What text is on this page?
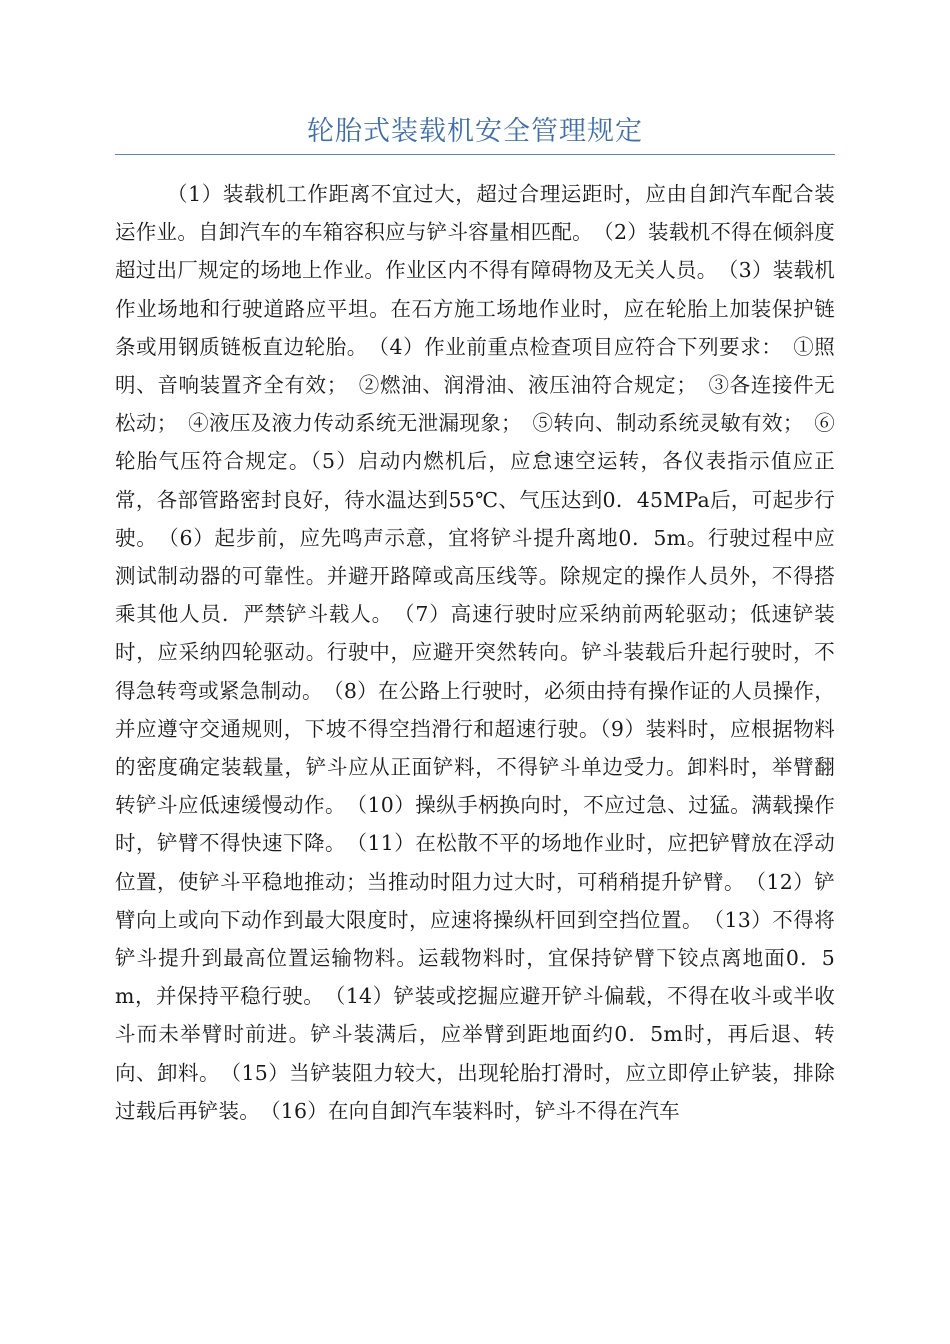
轮胎式装载机安全管理规定

（1）装载机工作距离不宜过大，超过合理运距时，应由自卸汽车配合装运作业。自卸汽车的车箱容积应与铲斗容量相匹配。　（2）装载机不得在倾斜度超过出厂规定的场地上作业。作业区内不得有障碍物及无关人员。　（3）装载机作业场地和行驶道路应平坦。在石方施工场地作业时，应在轮胎上加装保护链条或用钢质链板直边轮胎。　（4）作业前重点检查项目应符合下列要求：　①照明、音响装置齐全有效；　②燃油、润滑油、液压油符合规定；　③各连接件无松动；　④液压及液力传动系统无泄漏现象；　⑤转向、制动系统灵敏有效；　⑥轮胎气压符合规定。（5）启动内燃机后，应怠速空运转，各仪表指示值应正常，各部管路密封良好，待水温达到55℃、气压达到0．45MPa后，可起步行驶。　（6）起步前，应先鸣声示意，宜将铲斗提升离地0．5m。行驶过程中应测试制动器的可靠性。并避开路障或高压线等。除规定的操作人员外，不得搭乘其他人员．严禁铲斗载人。　（7）高速行驶时应采纳前两轮驱动；低速铲装时，应采纳四轮驱动。行驶中，应避开突然转向。铲斗装载后升起行驶时，不得急转弯或紧急制动。　（8）在公路上行驶时，必须由持有操作证的人员操作，并应遵守交通规则，下坡不得空挡滑行和超速行驶。（9）装料时，应根据物料的密度确定装载量，铲斗应从正面铲料，不得铲斗单边受力。卸料时，举臂翻转铲斗应低速缓慢动作。　（10）操纵手柄换向时，不应过急、过猛。满载操作时，铲臂不得快速下降。　（11）在松散不平的场地作业时，应把铲臂放在浮动位置，使铲斗平稳地推动；当推动时阻力过大时，可稍稍提升铲臂。　（12）铲臂向上或向下动作到最大限度时，应速将操纵杆回到空挡位置。　（13）不得将铲斗提升到最高位置运输物料。运载物料时，宜保持铲臂下铰点离地面0．5m，并保持平稳行驶。　（14）铲装或挖掘应避开铲斗偏载，不得在收斗或半收斗而未举臂时前进。铲斗装满后，应举臂到距地面约0．5m时，再后退、转向、卸料。　（15）当铲装阻力较大，出现轮胎打滑时，应立即停止铲装，排除过载后再铲装。　（16）在向自卸汽车装料时，铲斗不得在汽车
